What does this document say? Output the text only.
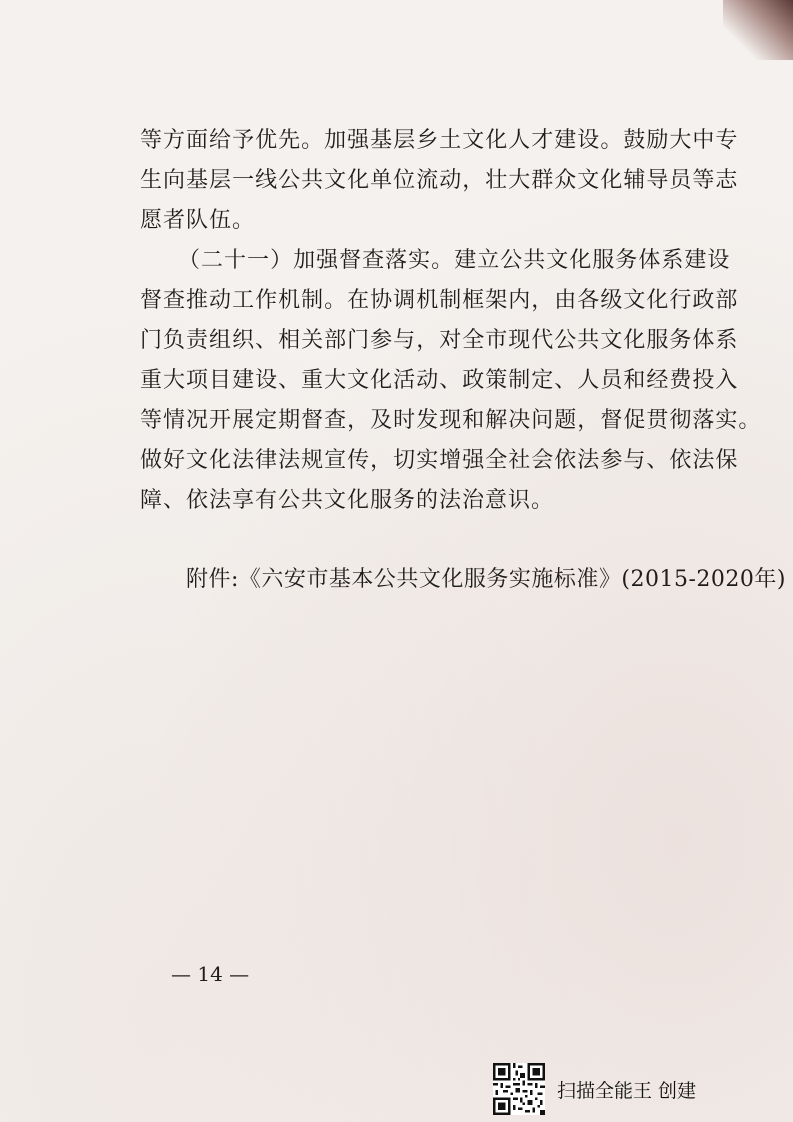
等 方 面 给 予 优 先 。 加 强 基 层 乡 土 文 化 人 才 建 设 。 鼓 励 大 中 专
生 向 基 层 一 线 公 共 文 化 单 位 流 动 ， 壮 大 群 众 文 化 辅 导 员 等 志
愿者队伍。
（ 二 十 一 ） 加 强 督 查 落 实 。 建 立 公 共 文 化 服 务 体 系 建 设
督 查 推 动 工 作 机 制 。 在 协 调 机 制 框 架 内 ， 由 各 级 文 化 行 政 部
门 负 责 组 织 、 相 关 部 门 参 与 ， 对 全 市 现 代 公 共 文 化 服 务 体 系
重 大 项 目 建 设 、 重 大 文 化 活 动 、 政 策 制 定 、 人 员 和 经 费 投 入
等 情 况 开 展 定 期 督 查 ， 及 时 发 现 和 解 决 问 题 ， 督 促 贯 彻 落 实 。
做 好 文 化 法 律 法 规 宣 传 ， 切 实 增 强 全 社 会 依 法 参 与 、 依 法 保
障、依法享有公共文化服务的法治意识。
附件:《六安市基本公共文化服务实施标准》(2015-2020年)
— 14 —
扫描全能王 创建
